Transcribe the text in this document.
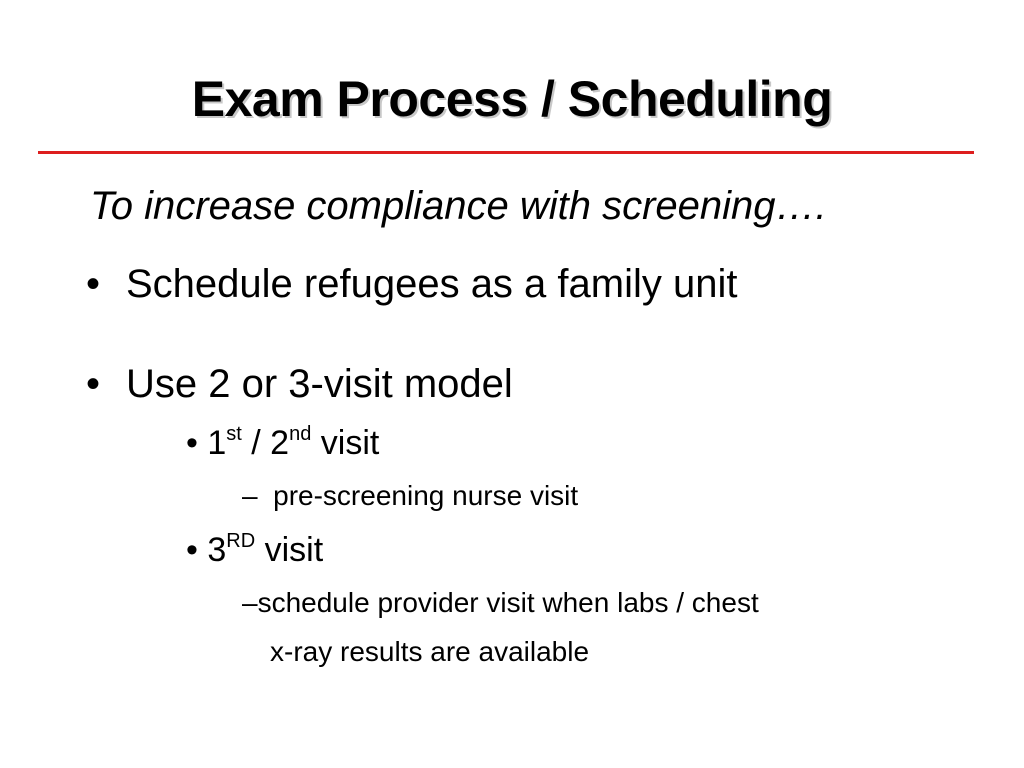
Exam Process / Scheduling
To increase compliance with screening….
• Schedule refugees as a family unit
• Use 2 or 3-visit model
• 1st / 2nd visit
– pre-screening nurse visit
• 3RD visit
–schedule provider visit when labs / chest
x-ray results are available
